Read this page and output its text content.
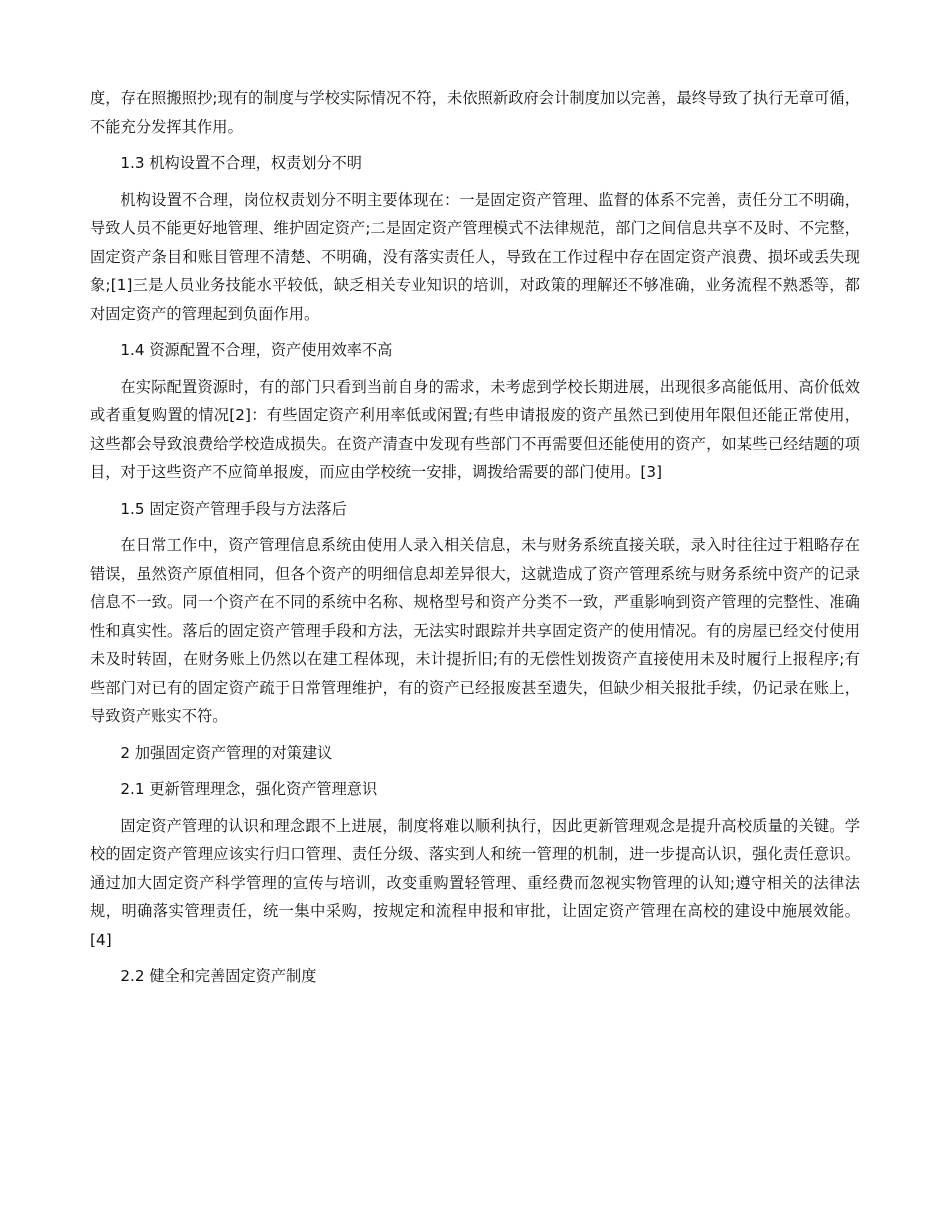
度，存在照搬照抄;现有的制度与学校实际情况不符，未依照新政府会计制度加以完善，最终导致了执行无章可循，不能充分发挥其作用。

1.3 机构设置不合理，权责划分不明

机构设置不合理，岗位权责划分不明主要体现在：一是固定资产管理、监督的体系不完善，责任分工不明确，导致人员不能更好地管理、维护固定资产;二是固定资产管理模式不法律规范，部门之间信息共享不及时、不完整，固定资产条目和账目管理不清楚、不明确，没有落实责任人，导致在工作过程中存在固定资产浪费、损坏或丢失现象;[1]三是人员业务技能水平较低，缺乏相关专业知识的培训，对政策的理解还不够准确，业务流程不熟悉等，都对固定资产的管理起到负面作用。

1.4 资源配置不合理，资产使用效率不高

在实际配置资源时，有的部门只看到当前自身的需求，未考虑到学校长期进展，出现很多高能低用、高价低效或者重复购置的情况[2]：有些固定资产利用率低或闲置;有些申请报废的资产虽然已到使用年限但还能正常使用，这些都会导致浪费给学校造成损失。在资产清查中发现有些部门不再需要但还能使用的资产，如某些已经结题的项目，对于这些资产不应简单报废，而应由学校统一安排，调拨给需要的部门使用。[3]

1.5 固定资产管理手段与方法落后

在日常工作中，资产管理信息系统由使用人录入相关信息，未与财务系统直接关联，录入时往往过于粗略存在错误，虽然资产原值相同，但各个资产的明细信息却差异很大，这就造成了资产管理系统与财务系统中资产的记录信息不一致。同一个资产在不同的系统中名称、规格型号和资产分类不一致，严重影响到资产管理的完整性、准确性和真实性。落后的固定资产管理手段和方法，无法实时跟踪并共享固定资产的使用情况。有的房屋已经交付使用未及时转固，在财务账上仍然以在建工程体现，未计提折旧;有的无偿性划拨资产直接使用未及时履行上报程序;有些部门对已有的固定资产疏于日常管理维护，有的资产已经报废甚至遗失，但缺少相关报批手续，仍记录在账上，导致资产账实不符。

2 加强固定资产管理的对策建议

2.1 更新管理理念，强化资产管理意识

固定资产管理的认识和理念跟不上进展，制度将难以顺利执行，因此更新管理观念是提升高校质量的关键。学校的固定资产管理应该实行归口管理、责任分级、落实到人和统一管理的机制，进一步提高认识，强化责任意识。通过加大固定资产科学管理的宣传与培训，改变重购置轻管理、重经费而忽视实物管理的认知;遵守相关的法律法规，明确落实管理责任，统一集中采购，按规定和流程申报和审批，让固定资产管理在高校的建设中施展效能。[4]

2.2 健全和完善固定资产制度
